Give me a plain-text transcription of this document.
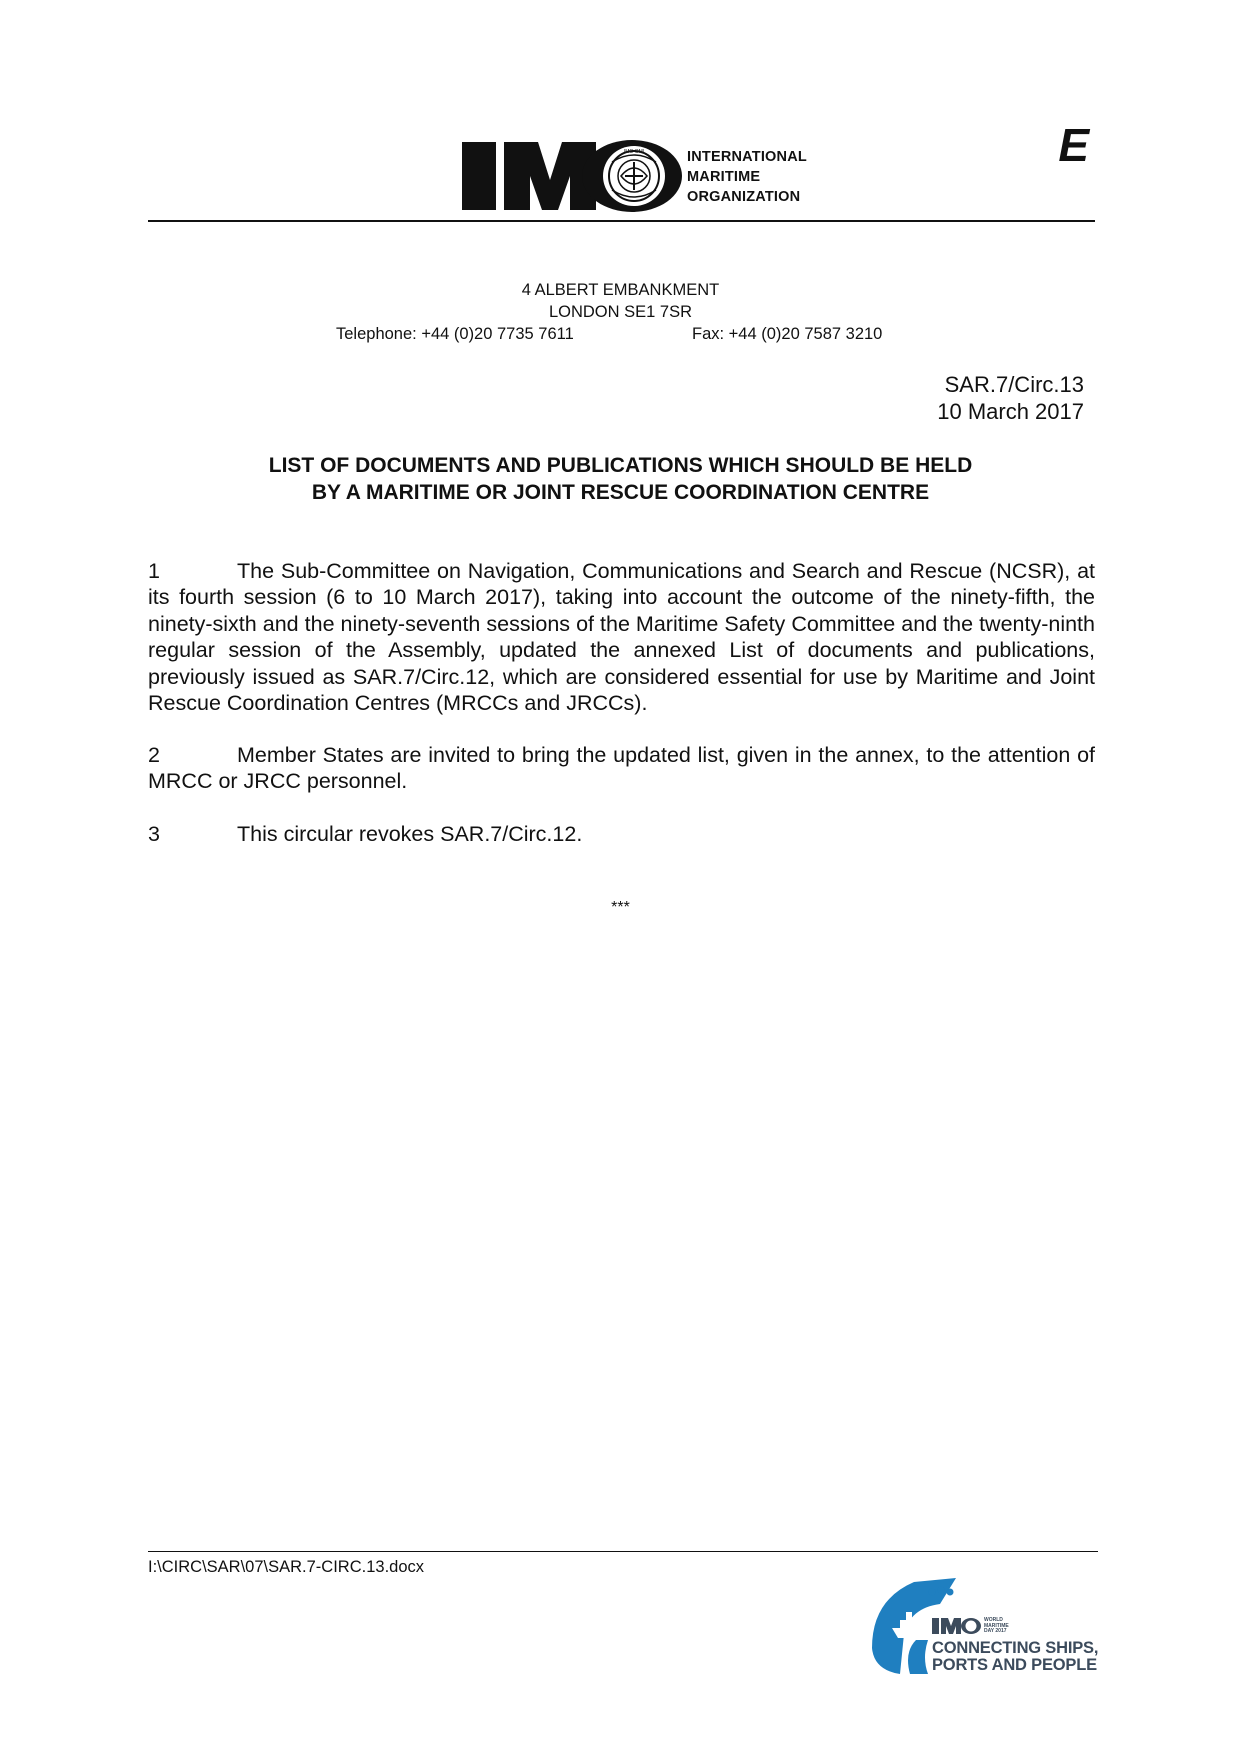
IMO OMI	INTERNATIONAL
MARITIME
ORGANIZATION
E
4 ALBERT EMBANKMENT
LONDON SE1 7SR
Telephone: +44 (0)20 7735 7611	Fax: +44 (0)20 7587 3210
SAR.7/Circ.13
10 March 2017
LIST OF DOCUMENTS AND PUBLICATIONS WHICH SHOULD BE HELD
BY A MARITIME OR JOINT RESCUE COORDINATION CENTRE
1	The Sub-Committee on Navigation, Communications and Search and Rescue (NCSR), at its fourth session (6 to 10 March 2017), taking into account the outcome of the ninety-fifth, the ninety-sixth and the ninety-seventh sessions of the Maritime Safety Committee and the twenty-ninth regular session of the Assembly, updated the annexed List of documents and publications, previously issued as SAR.7/Circ.12, which are considered essential for use by Maritime and Joint Rescue Coordination Centres (MRCCs and JRCCs).
2	Member States are invited to bring the updated list, given in the annex, to the attention of MRCC or JRCC personnel.
3	This circular revokes SAR.7/Circ.12.
***
I:\CIRC\SAR\07\SAR.7-CIRC.13.docx
WORLD
MARITIME
DAY 2017
CONNECTING SHIPS,
PORTS AND PEOPLE
